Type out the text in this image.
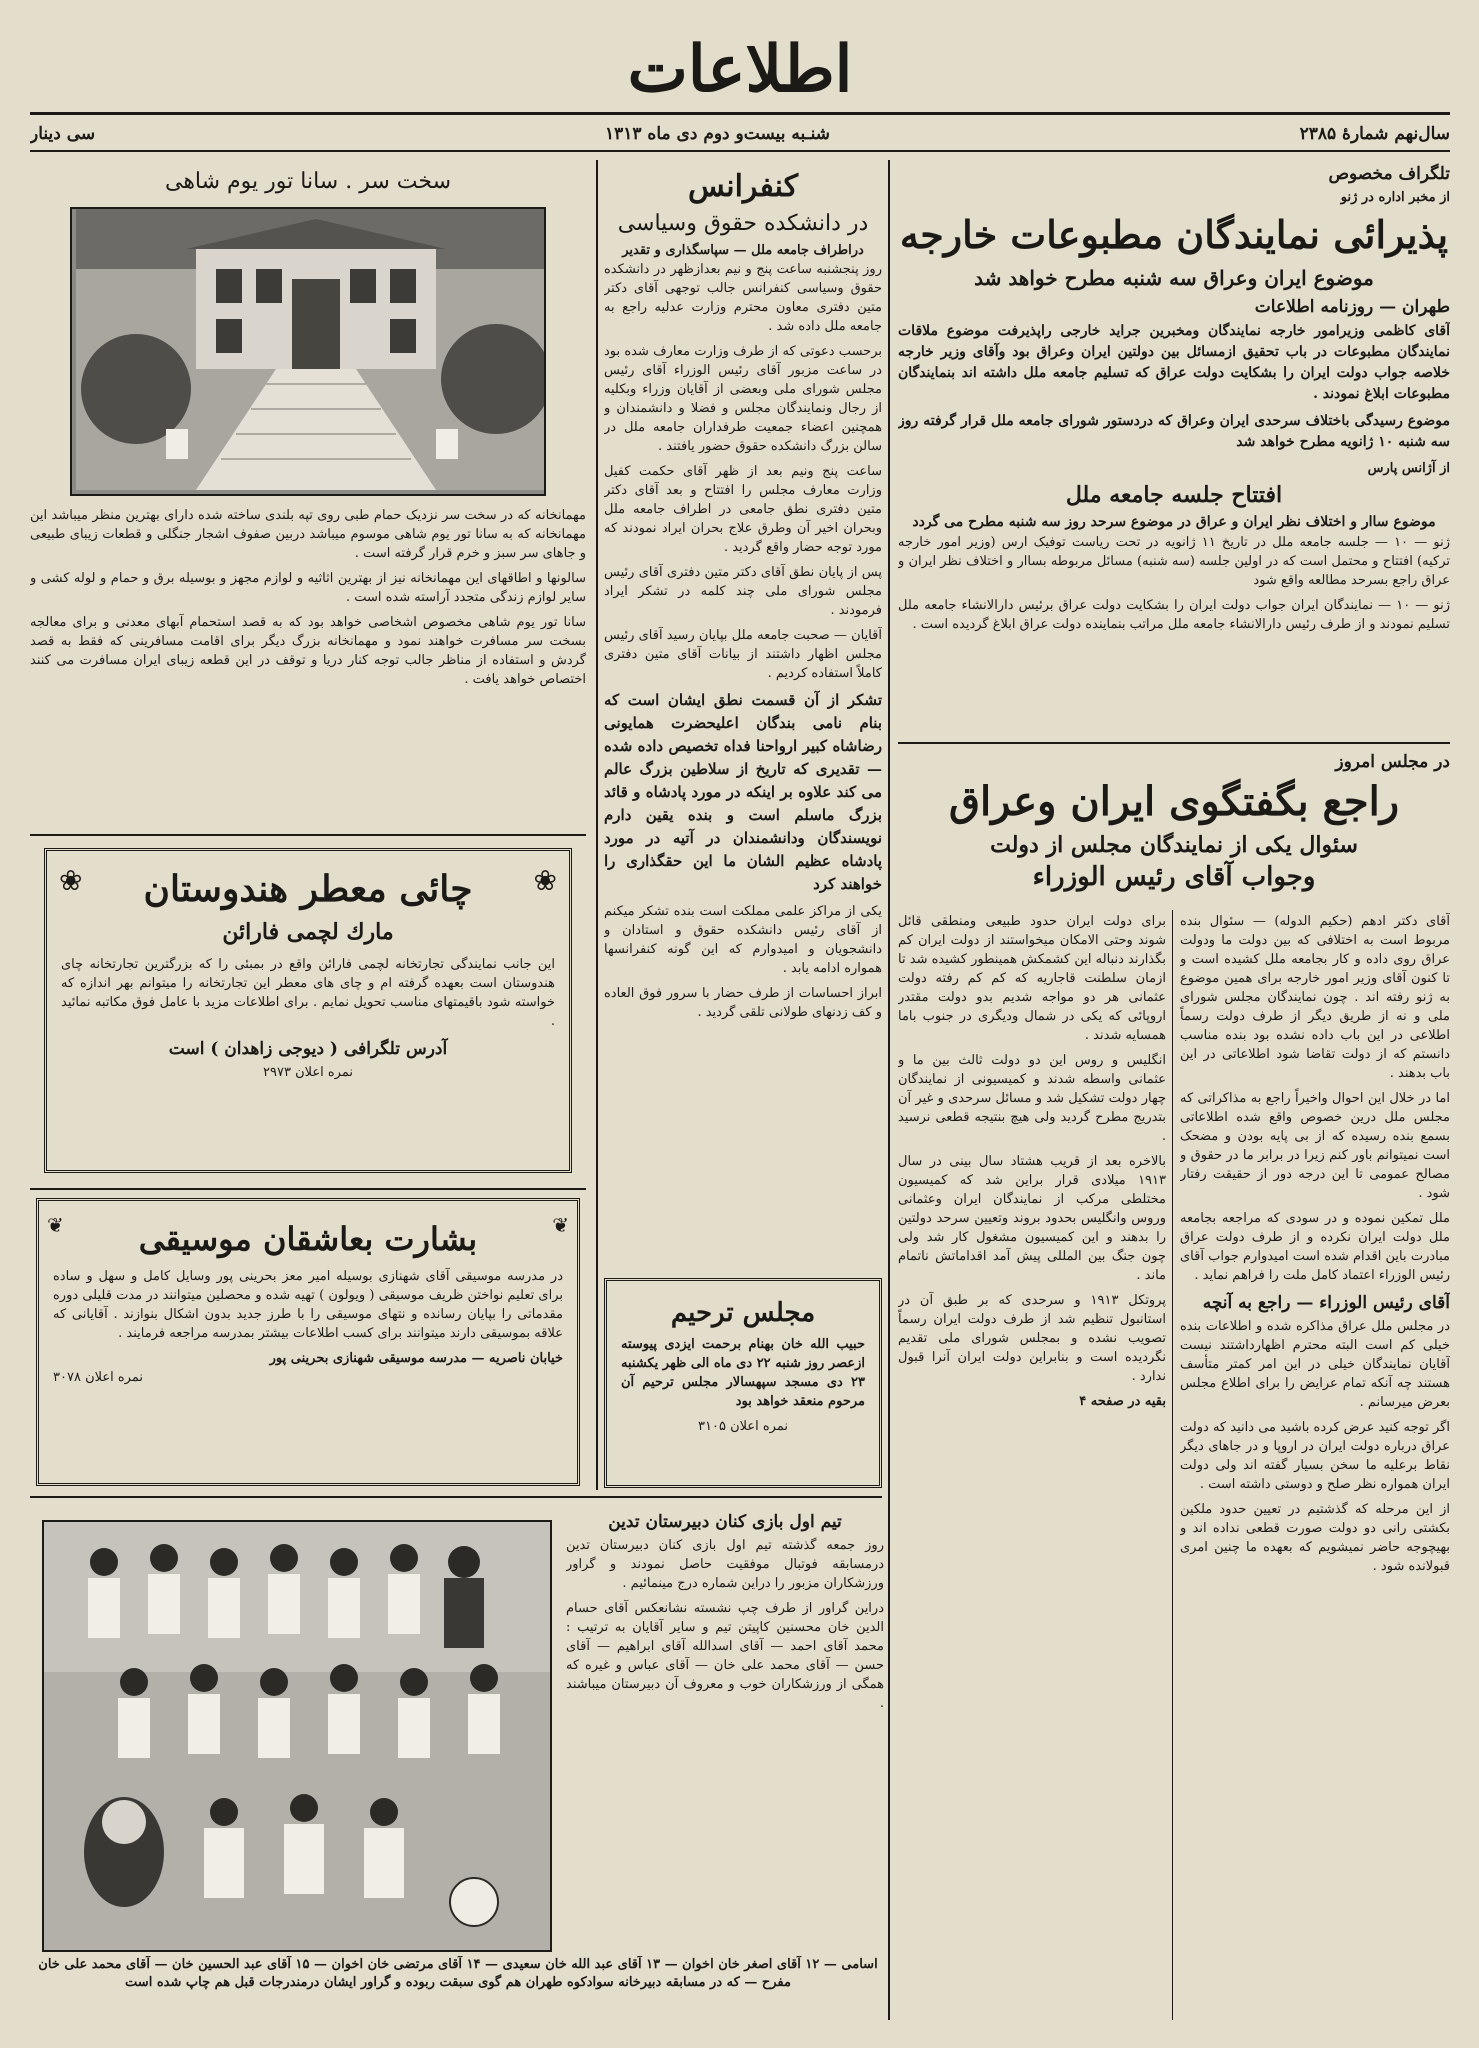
اطلاعات
سال‌نهم شمارهٔ ۲۳۸۵
شنـبه بیست‌و دوم دی ماه ۱۳۱۳
سی دینار
تلگراف مخصوص
از مخبر اداره در ژنو
پذیرائی نمایندگان مطبوعات خارجه
موضوع ایران وعراق سه شنبه مطرح خواهد شد
طهران — روزنامه اطلاعات

آقای کاظمی وزیرامور خارجه نمایندگان ومخبرین جراید خارجی راپذیرفت موضوع ملاقات نمایندگان مطبوعات در باب تحقیق ازمسائل بین دولتین ایران وعراق بود وآقای وزیر خارجه خلاصه جواب دولت ایران را بشکایت دولت عراق که تسلیم جامعه ملل داشته اند بنمایندگان مطبوعات ابلاغ نمودند .

موضوع رسیدگی باختلاف سرحدی ایران وعراق که دردستور شورای جامعه ملل قرار گرفته روز سه شنبه ۱۰ ژانویه مطرح خواهد شد

از آژانس پارس
افتتاح جلسه جامعه ملل
موضوع ساار و اختلاف نظر ایران و عراق در موضوع سرحد روز سه شنبه مطرح می گردد

ژنو — ۱۰ — جلسه جامعه ملل در تاریخ ۱۱ ژانویه در تحت ریاست توفیک ارس (وزیر امور خارجه ترکیه) افتتاح و محتمل است که در اولین جلسه (سه شنبه) مسائل مربوطه بساار و اختلاف نظر ایران و عراق راجع بسرحد مطالعه واقع شود

ژنو — ۱۰ — نمایندگان ایران جواب دولت ایران را بشکایت دولت عراق برئیس دارالانشاء جامعه ملل تسلیم نمودند و از طرف رئیس دارالانشاء جامعه ملل مراتب بنماینده دولت عراق ابلاغ گردیده است .

در مجلس امروز
راجع بگفتگوی ایران وعراق
سئوال یکی از نمایندگان مجلس از دولت
وجواب آقای رئیس الوزراء

آقای دکتر ادهم (حکیم الدوله) — سئوال بنده مربوط است به اختلافی که بین دولت ما ودولت عراق روی داده و کار بجامعه ملل کشیده است و تا کنون آقای وزیر امور خارجه برای همین موضوع به ژنو رفته اند . چون نمایندگان مجلس شورای ملی و نه از طریق دیگر از طرف دولت رسماً اطلاعی در این باب داده نشده بود بنده مناسب دانستم که از دولت تقاضا شود اطلاعاتی در این باب بدهند .

اما در خلال این احوال واخیراً راجع به مذاکراتی که مجلس ملل درین خصوص واقع شده اطلاعاتی بسمع بنده رسیده که از بی پایه بودن و مضحک است نمیتوانم باور کنم زیرا در برابر ما در حقوق و مصالح عمومی تا این درجه دور از حقیقت رفتار شود .

ملل تمکین نموده و در سودی که مراجعه بجامعه ملل دولت ایران نکرده و از طرف دولت عراق مبادرت باین اقدام شده است امیدوارم جواب آقای رئیس الوزراء اعتماد کامل ملت را فراهم نماید .

آقای رئیس الوزراء — راجع به آنچه

در مجلس ملل عراق مذاکره شده و اطلاعات بنده خیلی کم است البته محترم اظهارداشتند نیست آقایان نمایندگان خیلی در این امر کمتر متأسف هستند چه آنکه تمام عرایض را برای اطلاع مجلس بعرض میرسانم .

اگر توجه کنید عرض کرده باشید می دانید که دولت عراق درباره دولت ایران در اروپا و در جاهای دیگر نقاط برعلیه ما سخن بسیار گفته اند ولی دولت ایران همواره نظر صلح و دوستی داشته است .

از این مرحله که گذشتیم در تعیین حدود ملکین بکشتی رانی دو دولت صورت قطعی نداده اند و بهیچوجه حاضر نمیشویم که بعهده ما چنین امری قبولانده شود .

برای دولت ایران حدود طبیعی ومنطقی قائل شوند وحتی الامکان میخواستند از دولت ایران کم بگذارند دنباله این کشمکش همینطور کشیده شد تا ازمان سلطنت قاجاریه که کم کم رفته دولت عثمانی هر دو مواجه شدیم بدو دولت مقتدر اروپائی که یکی در شمال ودیگری در جنوب باما همسایه شدند .

انگلیس و روس این دو دولت ثالث بین ما و عثمانی واسطه شدند و کمیسیونی از نمایندگان چهار دولت تشکیل شد و مسائل سرحدی و غیر آن بتدریج مطرح گردید ولی هیچ بنتیجه قطعی نرسید .

بالاخره بعد از قریب هشتاد سال بینی در سال ۱۹۱۳ میلادی قرار براین شد که کمیسیون مختلطی مرکب از نمایندگان ایران وعثمانی وروس وانگلیس بحدود بروند وتعیین سرحد دولتین را بدهند و این کمیسیون مشغول کار شد ولی چون جنگ بین المللی پیش آمد اقداماتش ناتمام ماند .

پروتکل ۱۹۱۳ و سرحدی که بر طبق آن در استانبول تنظیم شد از طرف دولت ایران رسماً تصویب نشده و بمجلس شورای ملی تقدیم نگردیده است و بنابراین دولت ایران آنرا قبول ندارد .

بقیه در صفحه ۴

کنفرانس
در دانشکده حقوق وسیاسی
دراطراف جامعه ملل — سپاسگذاری و تقدیر

روز پنجشنبه ساعت پنج و نیم بعدازظهر در دانشکده حقوق وسیاسی کنفرانس جالب توجهی آقای دکتر متین دفتری معاون محترم وزارت عدلیه راجع به جامعه ملل داده شد .

برحسب دعوتی که از طرف وزارت معارف شده بود در ساعت مزبور آقای رئیس الوزراء آقای رئیس مجلس شورای ملی وبعضی از آقایان وزراء وبکلیه از رجال ونمایندگان مجلس و فضلا و دانشمندان و همچنین اعضاء جمعیت طرفداران جامعه ملل در سالن بزرگ دانشکده حقوق حضور یافتند .

ساعت پنج ونیم بعد از ظهر آقای حکمت کفیل وزارت معارف مجلس را افتتاح و بعد آقای دکتر متین دفتری نطق جامعی در اطراف جامعه ملل وبحران اخیر آن وطرق علاج بحران ایراد نمودند که مورد توجه حضار واقع گردید .

پس از پایان نطق آقای دکتر متین دفتری آقای رئیس مجلس شورای ملی چند کلمه در تشکر ایراد فرمودند .

آقایان — صحبت جامعه ملل بپایان رسید آقای رئیس مجلس اظهار داشتند از بیانات آقای متین دفتری کاملاً استفاده کردیم .

تشکر از آن قسمت نطق ایشان است که بنام نامی بندگان اعلیحضرت همایونی رضاشاه کبیر ارواحنا فداه تخصیص داده شده — تقدیری که تاریخ از سلاطین بزرگ عالم می کند علاوه بر اینکه در مورد پادشاه و قائد بزرگ ماسلم است و بنده یقین دارم نویسندگان ودانشمندان در آتیه در مورد پادشاه عظیم الشان ما این حقگذاری را خواهند کرد

یکی از مراکز علمی مملکت است بنده تشکر میکنم از آقای رئیس دانشکده حقوق و استادان و دانشجویان و امیدوارم که این گونه کنفرانسها همواره ادامه یابد .

ابراز احساسات از طرف حضار با سرور فوق العاده و کف زدنهای طولانی تلقی گردید .

مجلس ترحیم

حبیب الله خان بهنام برحمت ایزدی پیوسته ازعصر روز شنبه ۲۲ دی ماه الی ظهر یکشنبه ۲۳ دی مسجد سپهسالار مجلس ترحیم آن مرحوم منعقد خواهد بود

نمره اعلان ۳۱۰۵
سخت سر . سانا تور یوم شاهی

مهمانخانه که در سخت سر نزدیک حمام طبی روی تپه بلندی ساخته شده دارای بهترین منظر میباشد این مهمانخانه که به سانا تور یوم شاهی موسوم میباشد دربین صفوف اشجار جنگلی و قطعات زیبای طبیعی و جاهای سر سبز و خرم قرار گرفته است .

سالونها و اطاقهای این مهمانخانه نیز از بهترین اثاثیه و لوازم مجهز و بوسیله برق و حمام و لوله کشی و سایر لوازم زندگی متجدد آراسته شده است .

سانا تور یوم شاهی مخصوص اشخاصی خواهد بود که به قصد استحمام آبهای معدنی و برای معالجه بسخت سر مسافرت خواهند نمود و مهمانخانه بزرگ دیگر برای اقامت مسافرینی که فقط به قصد گردش و استفاده از مناظر جالب توجه کنار دریا و توقف در این قطعه زیبای ایران مسافرت می کنند اختصاص خواهد یافت .

❀
❀	چائی معطر هندوستان
مارك لچمی فارائن

این جانب نمایندگی تجارتخانه لچمی فارائن واقع در بمبئی را که بزرگترین تجارتخانه چای هندوستان است بعهده گرفته ام و چای های معطر این تجارتخانه را میتوانم بهر اندازه که خواسته شود باقیمتهای مناسب تحویل نمایم . برای اطلاعات مزید با عامل فوق مکاتبه نمائید .

آدرس تلگرافی ( دیوجی زاهدان ) است
نمره اعلان ۲۹۷۳
❦
❦	بشارت بعاشقان موسیقی

در مدرسه موسیقی آقای شهنازی بوسیله امیر معز بحرینی پور وسایل کامل و سهل و ساده برای تعلیم نواختن ظریف موسیقی ( ویولون ) تهیه شده و محصلین میتوانند در مدت قلیلی دوره مقدماتی را بپایان رسانده و نتهای موسیقی را با طرز جدید بدون اشکال بنوازند . آقایانی که علاقه بموسیقی دارند میتوانند برای کسب اطلاعات بیشتر بمدرسه مراجعه فرمایند .

خیابان ناصریه — مدرسه موسیقی شهنازی بحرینی پور
نمره اعلان ۳۰۷۸
تیم اول بازی کنان دبیرستان تدین

روز جمعه گذشته تیم اول بازی کنان دبیرستان تدین درمسابقه فوتبال موفقیت حاصل نمودند و گراور ورزشکاران مزبور را دراین شماره درج مینمائیم .

دراین گراور از طرف چپ نشسته نشانعکس آقای حسام الدین خان محسنین کاپیتن تیم و سایر آقایان به ترتیب : محمد آقای احمد — آقای اسدالله آقای ابراهیم — آقای حسن — آقای محمد علی خان — آقای عباس و غیره که همگی از ورزشکاران خوب و معروف آن دبیرستان میباشند .

اسامی — ۱۲ آقای اصغر خان اخوان — ۱۳ آقای عبد الله خان سعیدی — ۱۴ آقای مرتضی خان اخوان — ۱۵ آقای عبد الحسین خان — آقای محمد علی خان مفرح — که در مسابقه دبیرخانه سوادکوه طهران هم گوی سبقت ربوده و گراور ایشان درمندرجات قبل هم چاپ شده است
